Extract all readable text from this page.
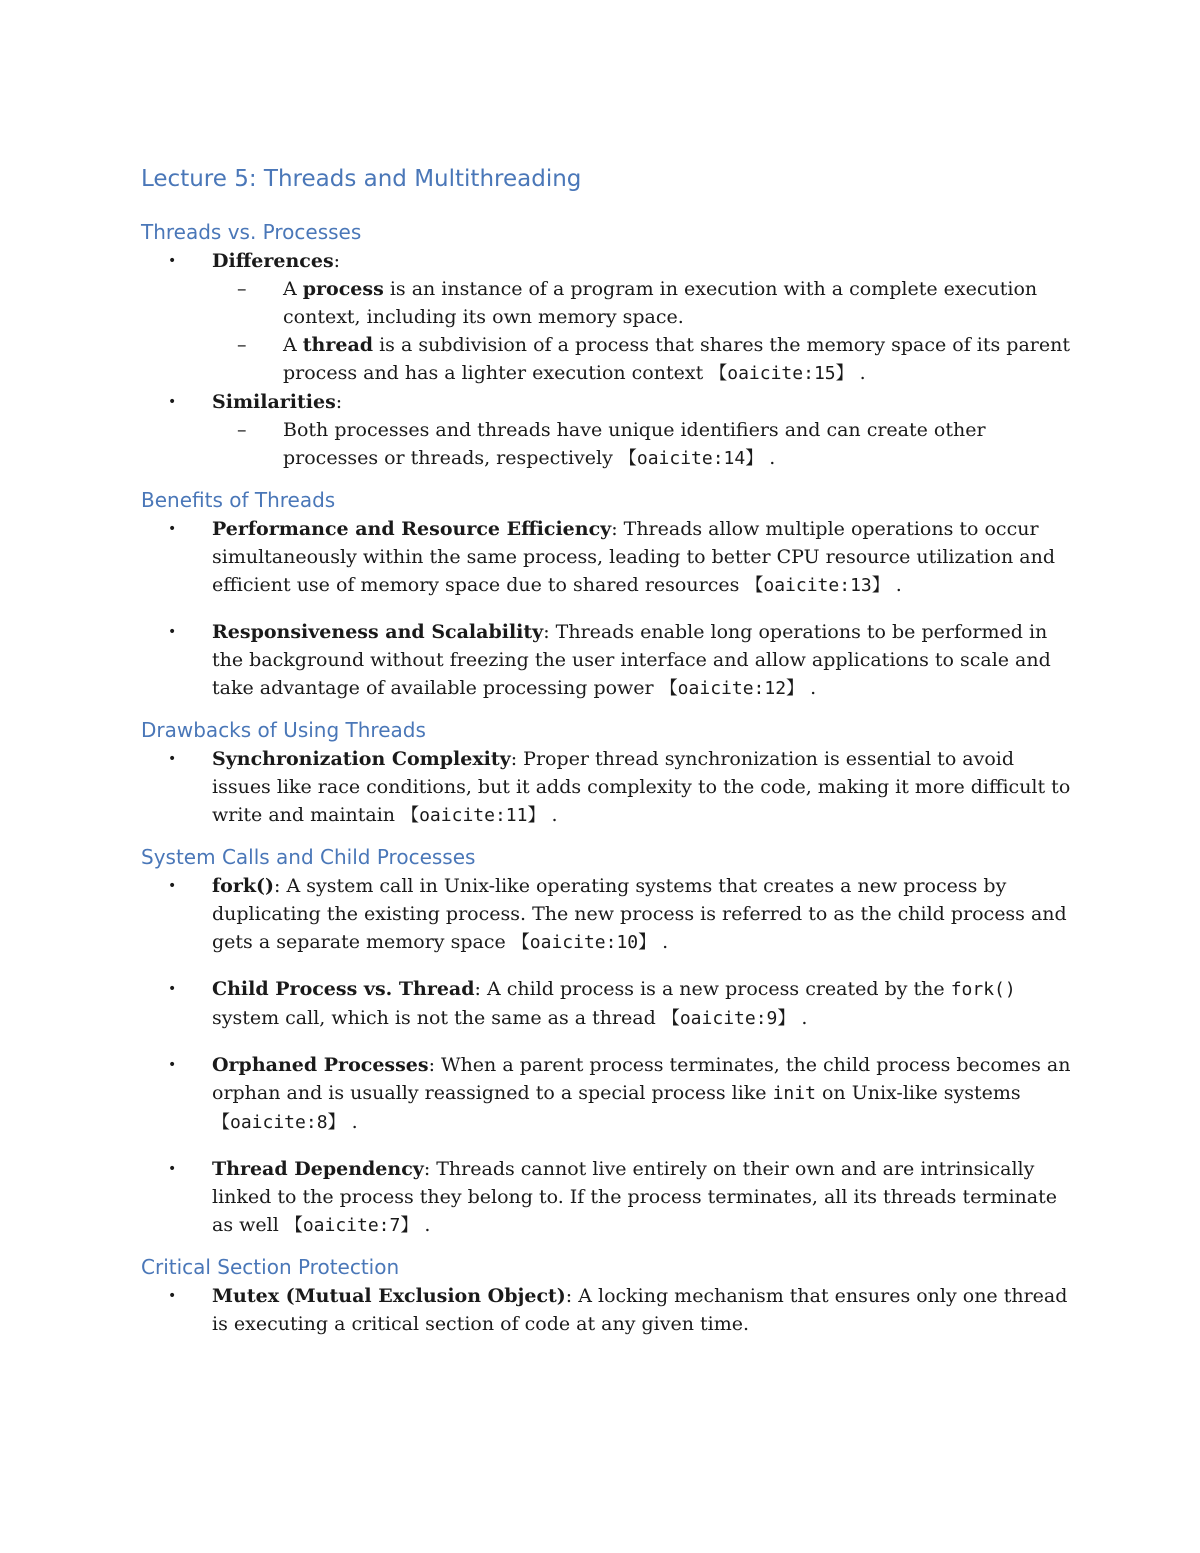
Lecture 5: Threads and Multithreading
Threads vs. Processes
• Differences:
– A process is an instance of a program in execution with a complete execution context, including its own memory space.
– A thread is a subdivision of a process that shares the memory space of its parent process and has a lighter execution context 【oaicite:15】 .
• Similarities:
– Both processes and threads have unique identifiers and can create other processes or threads, respectively 【oaicite:14】 .
Benefits of Threads
• Performance and Resource Efficiency: Threads allow multiple operations to occur simultaneously within the same process, leading to better CPU resource utilization and efficient use of memory space due to shared resources 【oaicite:13】 .
• Responsiveness and Scalability: Threads enable long operations to be performed in the background without freezing the user interface and allow applications to scale and take advantage of available processing power 【oaicite:12】 .
Drawbacks of Using Threads
• Synchronization Complexity: Proper thread synchronization is essential to avoid issues like race conditions, but it adds complexity to the code, making it more difficult to write and maintain 【oaicite:11】 .
System Calls and Child Processes
• fork(): A system call in Unix-like operating systems that creates a new process by duplicating the existing process. The new process is referred to as the child process and gets a separate memory space 【oaicite:10】 .
• Child Process vs. Thread: A child process is a new process created by the fork() system call, which is not the same as a thread 【oaicite:9】 .
• Orphaned Processes: When a parent process terminates, the child process becomes an orphan and is usually reassigned to a special process like init on Unix-like systems 【oaicite:8】 .
• Thread Dependency: Threads cannot live entirely on their own and are intrinsically linked to the process they belong to. If the process terminates, all its threads terminate as well 【oaicite:7】 .
Critical Section Protection
• Mutex (Mutual Exclusion Object): A locking mechanism that ensures only one thread is executing a critical section of code at any given time.
